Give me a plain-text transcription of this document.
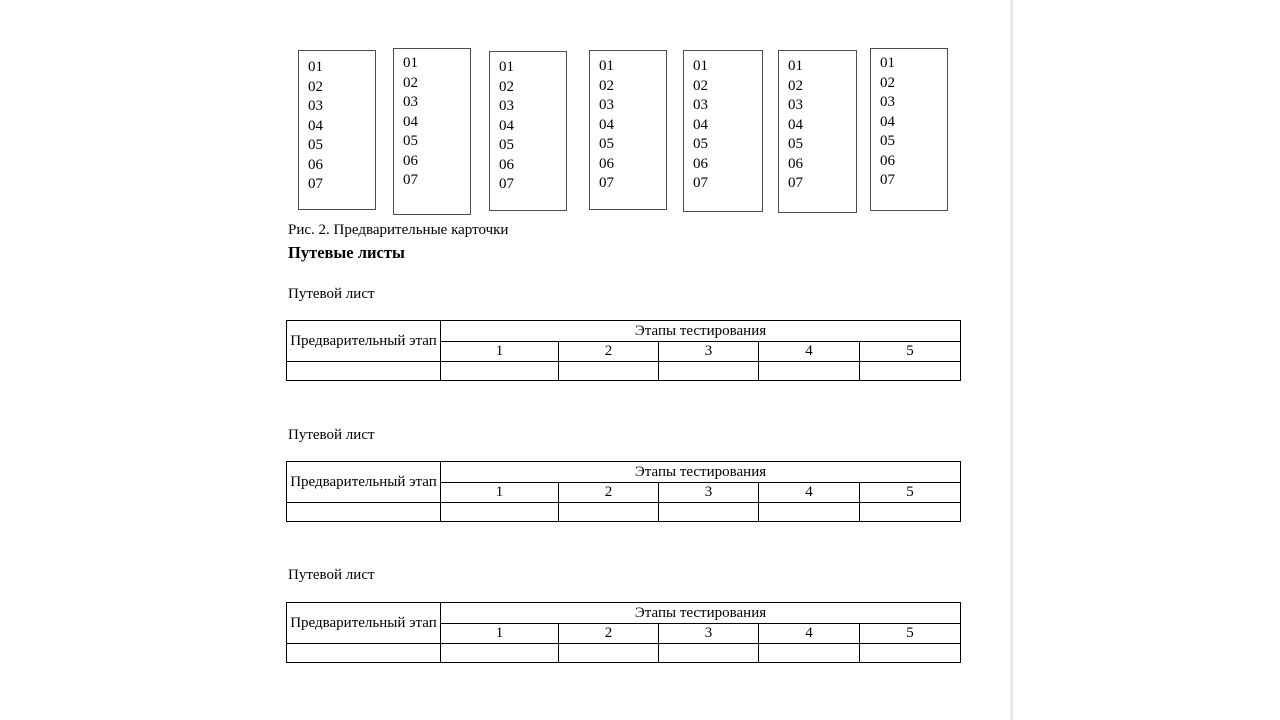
01
02
03
04
05
06
07
01
02
03
04
05
06
07
01
02
03
04
05
06
07
01
02
03
04
05
06
07
01
02
03
04
05
06
07
01
02
03
04
05
06
07
01
02
03
04
05
06
07
Рис. 2. Предварительные карточки
Путевые листы
Путевой лист
Предварительный этап	Этапы тестирования				
	1	2	3	4	5

Путевой лист
Предварительный этап	Этапы тестирования				
	1	2	3	4	5

Путевой лист
Предварительный этап	Этапы тестирования				
	1	2	3	4	5
